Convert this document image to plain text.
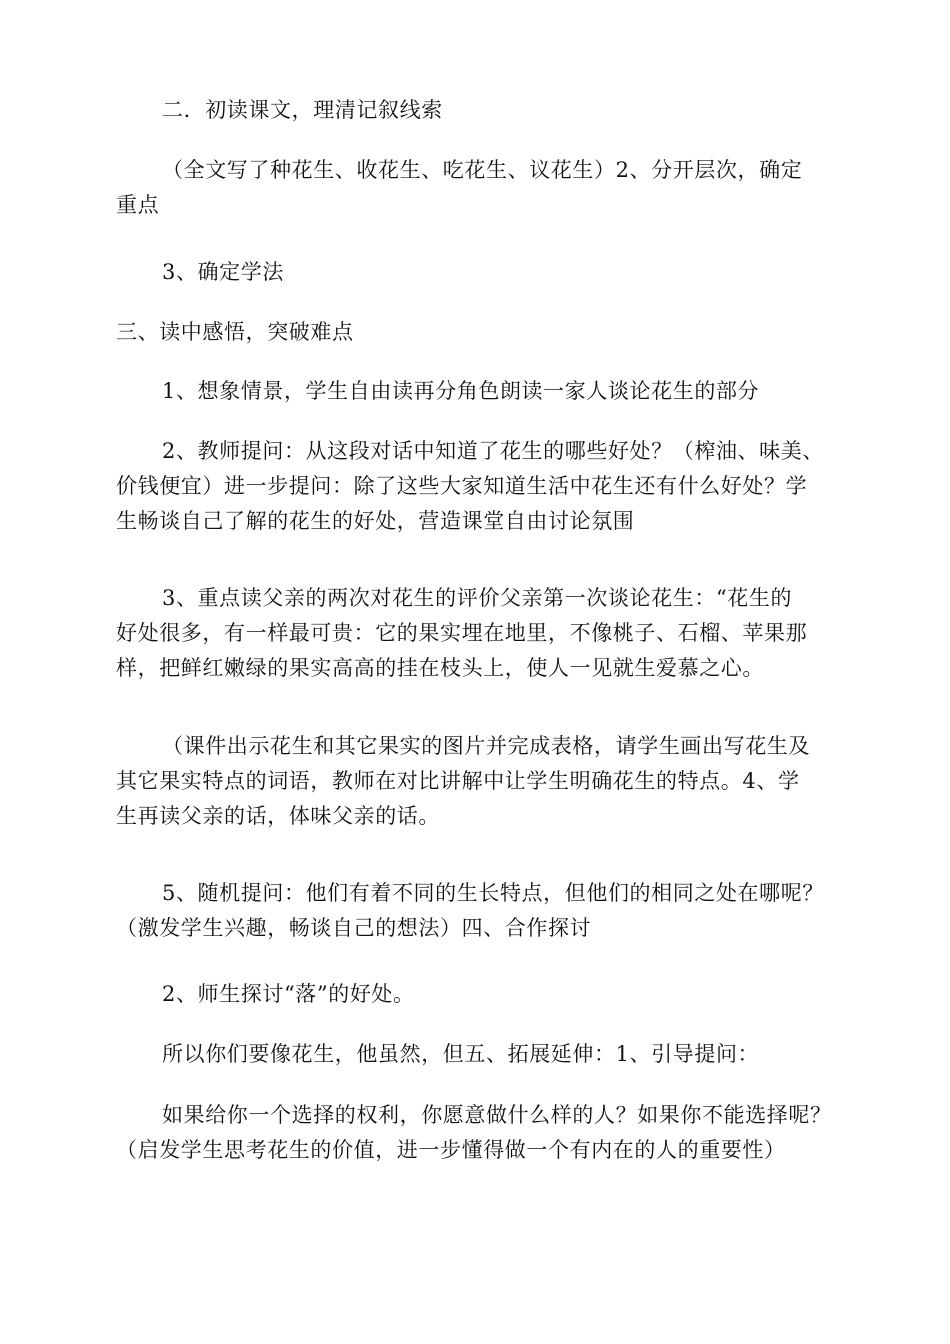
二．初读课文，理清记叙线索
（全文写了种花生、收花生、吃花生、议花生）2、分开层次，确定
重点
3、确定学法
三、读中感悟，突破难点
1、想象情景，学生自由读再分角色朗读一家人谈论花生的部分
2、教师提问：从这段对话中知道了花生的哪些好处？（榨油、味美、
价钱便宜）进一步提问：除了这些大家知道生活中花生还有什么好处？学
生畅谈自己了解的花生的好处，营造课堂自由讨论氛围
3、重点读父亲的两次对花生的评价父亲第一次谈论花生：“花生的
好处很多，有一样最可贵：它的果实埋在地里，不像桃子、石榴、苹果那
样，把鲜红嫩绿的果实高高的挂在枝头上，使人一见就生爱慕之心。
（课件出示花生和其它果实的图片并完成表格，请学生画出写花生及
其它果实特点的词语，教师在对比讲解中让学生明确花生的特点。4、学
生再读父亲的话，体味父亲的话。
5、随机提问：他们有着不同的生长特点，但他们的相同之处在哪呢？
（激发学生兴趣，畅谈自己的想法）四、合作探讨
2、师生探讨“落”的好处。
所以你们要像花生，他虽然，但五、拓展延伸：1、引导提问：
如果给你一个选择的权利，你愿意做什么样的人？如果你不能选择呢？
（启发学生思考花生的价值，进一步懂得做一个有内在的人的重要性）
